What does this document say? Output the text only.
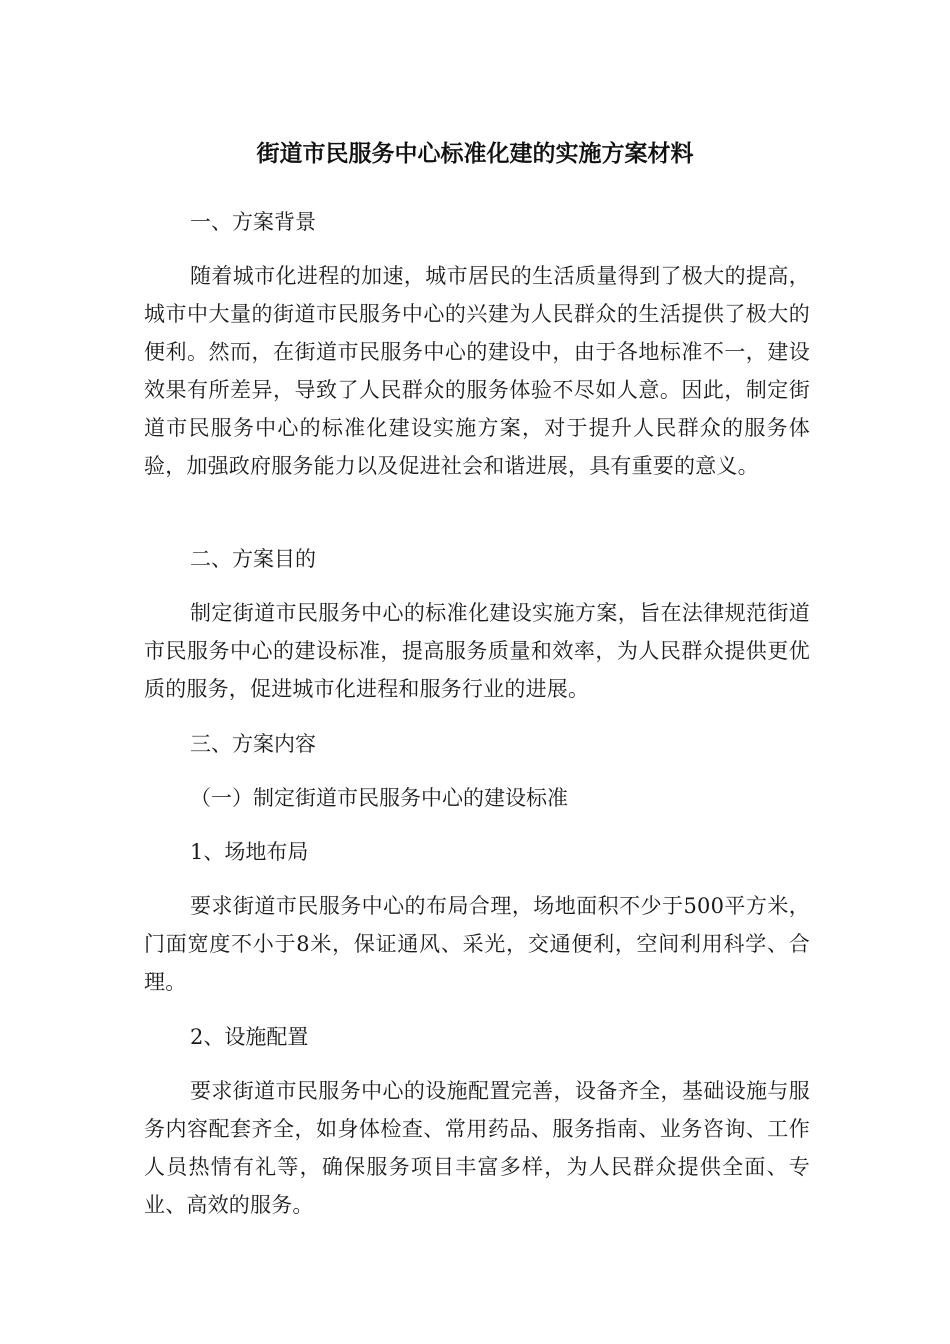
街道市民服务中心标准化建的实施方案材料
一、方案背景
随着城市化进程的加速，城市居民的生活质量得到了极大的提高，城市中大量的街道市民服务中心的兴建为人民群众的生活提供了极大的便利。然而，在街道市民服务中心的建设中，由于各地标准不一，建设效果有所差异，导致了人民群众的服务体验不尽如人意。因此，制定街道市民服务中心的标准化建设实施方案，对于提升人民群众的服务体验，加强政府服务能力以及促进社会和谐进展，具有重要的意义。
二、方案目的
制定街道市民服务中心的标准化建设实施方案，旨在法律规范街道市民服务中心的建设标准，提高服务质量和效率，为人民群众提供更优质的服务，促进城市化进程和服务行业的进展。
三、方案内容
（一）制定街道市民服务中心的建设标准
1、场地布局
要求街道市民服务中心的布局合理，场地面积不少于500平方米，门面宽度不小于8米，保证通风、采光，交通便利，空间利用科学、合理。
2、设施配置
要求街道市民服务中心的设施配置完善，设备齐全，基础设施与服务内容配套齐全，如身体检查、常用药品、服务指南、业务咨询、工作人员热情有礼等，确保服务项目丰富多样，为人民群众提供全面、专业、高效的服务。
